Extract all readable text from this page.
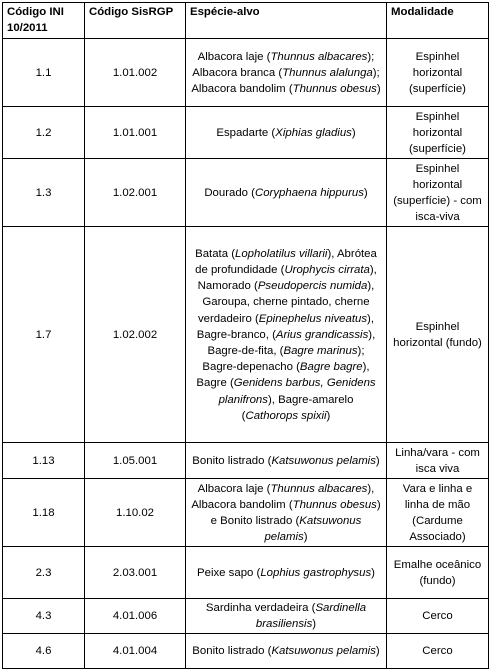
Código INI 10/2011	Código SisRGP	Espécie-alvo	Modalidade
1.1	1.01.002	Albacora laje (Thunnus albacares); Albacora branca (Thunnus alalunga); Albacora bandolim (Thunnus obesus)	Espinhel horizontal (superfície)
1.2	1.01.001	Espadarte (Xiphias gladius)	Espinhel horizontal (superfície)
1.3	1.02.001	Dourado (Coryphaena hippurus)	Espinhel horizontal (superfície) - com isca-viva
1.7	1.02.002	Batata (Lopholatilus villarii), Abrótea de profundidade (Urophycis cirrata), Namorado (Pseudopercis numida), Garoupa, cherne pintado, cherne verdadeiro (Epinephelus niveatus), Bagre-branco, (Arius grandicassis), Bagre-de-fita, (Bagre marinus); Bagre-depenacho (Bagre bagre), Bagre (Genidens barbus, Genidens planifrons), Bagre-amarelo (Cathorops spixii)	Espinhel horizontal (fundo)
1.13	1.05.001	Bonito listrado (Katsuwonus pelamis)	Linha/vara - com isca viva
1.18	1.10.02	Albacora laje (Thunnus albacares), Albacora bandolim (Thunnus obesus) e Bonito listrado (Katsuwonus pelamis)	Vara e linha e linha de mão (Cardume Associado)
2.3	2.03.001	Peixe sapo (Lophius gastrophysus)	Emalhe oceânico (fundo)
4.3	4.01.006	Sardinha verdadeira (Sardinella brasiliensis)	Cerco
4.6	4.01.004	Bonito listrado (Katsuwonus pelamis)	Cerco
